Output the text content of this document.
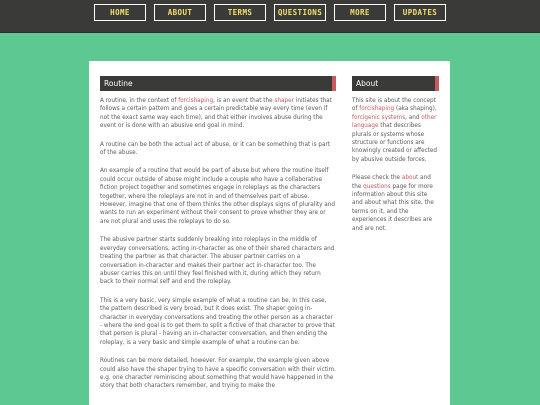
HOME	ABOUT	TERMS	QUESTIONS	MORE	UPDATES
Routine

A routine, in the context of forcishaping, is an event that the shaper initiates that follows a certain pattern and goes a certain predictable way every time (even if not the exact same way each time), and that either involves abuse during the event or is done with an abusive end goal in mind.

A routine can be both the actual act of abuse, or it can be something that is part of the abuse.

An example of a routine that would be part of abuse but where the routine itself could occur outside of abuse might include a couple who have a collaborative fiction project together and sometimes engage in roleplays as the characters together, where the roleplays are not in and of themselves part of abuse. However, imagine that one of them thinks the other displays signs of plurality and wants to run an experiment without their consent to prove whether they are or are not plural and uses the roleplays to do so.

The abusive partner starts suddenly breaking into roleplays in the middle of everyday conversations, acting in-character as one of their shared characters and treating the partner as that character. The abuser partner carries on a conversation in-character and makes their partner act in-character too. The abuser carries this on until they feel finished with it, during which they return back to their normal self and end the roleplay.

This is a very basic, very simple example of what a routine can be. In this case, the pattern described is very broad, but it does exist. The shaper going in-character in everyday conversations and treating the other person as a character - where the end goal is to get them to split a fictive of that character to prove that that person is plural - having an in-character conversation, and then ending the roleplay, is a very basic and simple example of what a routine can be.

Routines can be more detailed, however. For example, the example given above could also have the shaper trying to have a specific conversation with their victim. e.g. one character reminiscing about something that would have happened in the story that both characters remember, and trying to make the

About

This site is about the concept of forcishaping (aka shaping), forcigenic systems, and other language that describes plurals or systems whose structure or functions are knowingly created or affected by abusive outside forces.

Please check the about and the questions page for more information about this site and about what this site, the terms on it, and the experiences it describes are and are not.
